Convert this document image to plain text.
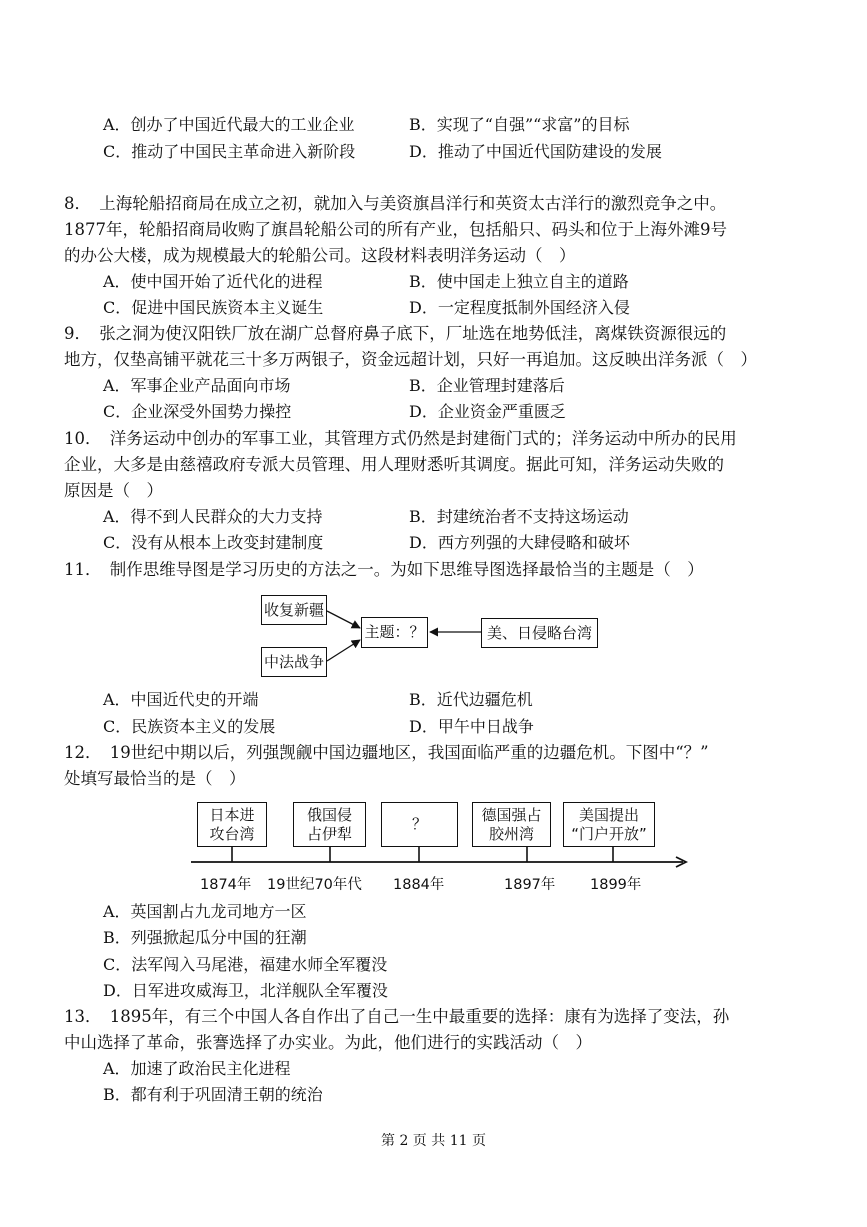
A．创办了中国近代最大的工业企业	B．实现了“自强”“求富”的目标
C．推动了中国民主革命进入新阶段	D．推动了中国近代国防建设的发展
8．　上海轮船招商局在成立之初，就加入与美资旗昌洋行和英资太古洋行的激烈竞争之中。
1877年，轮船招商局收购了旗昌轮船公司的所有产业，包括船只、码头和位于上海外滩9号
的办公大楼，成为规模最大的轮船公司。这段材料表明洋务运动（　）
A．使中国开始了近代化的进程	B．使中国走上独立自主的道路
C．促进中国民族资本主义诞生	D．一定程度抵制外国经济入侵
9．　张之洞为使汉阳铁厂放在湖广总督府鼻子底下，厂址选在地势低洼，离煤铁资源很远的
地方，仅垫高铺平就花三十多万两银子，资金远超计划，只好一再追加。这反映出洋务派（　）
A．军事企业产品面向市场	B．企业管理封建落后
C．企业深受外国势力操控	D．企业资金严重匮乏
10．　洋务运动中创办的军事工业，其管理方式仍然是封建衙门式的；洋务运动中所办的民用
企业，大多是由慈禧政府专派大员管理、用人理财悉听其调度。据此可知，洋务运动失败的
原因是（　）
A．得不到人民群众的大力支持	B．封建统治者不支持这场运动
C．没有从根本上改变封建制度	D．西方列强的大肆侵略和破坏
11．　制作思维导图是学习历史的方法之一。为如下思维导图选择最恰当的主题是（　）
收复新疆
中法战争
主题：？	美、日侵略台湾
A．中国近代史的开端	B．近代边疆危机
C．民族资本主义的发展	D．甲午中日战争
12．　19世纪中期以后，列强觊觎中国边疆地区，我国面临严重的边疆危机。下图中“？”
处填写最恰当的是（　）
日本进
攻台湾
俄国侵
占伊犁
？
德国强占
胶州湾
美国提出
“门户开放”
1874年 19世纪70年代 1884年	1897年 1899年
A．英国割占九龙司地方一区
B．列强掀起瓜分中国的狂潮
C．法军闯入马尾港，福建水师全军覆没
D．日军进攻威海卫，北洋舰队全军覆没
13．　1895年，有三个中国人各自作出了自己一生中最重要的选择：康有为选择了变法，孙
中山选择了革命，张謇选择了办实业。为此，他们进行的实践活动（　）
A．加速了政治民主化进程
B．都有利于巩固清王朝的统治
第 2 页 共 11 页
